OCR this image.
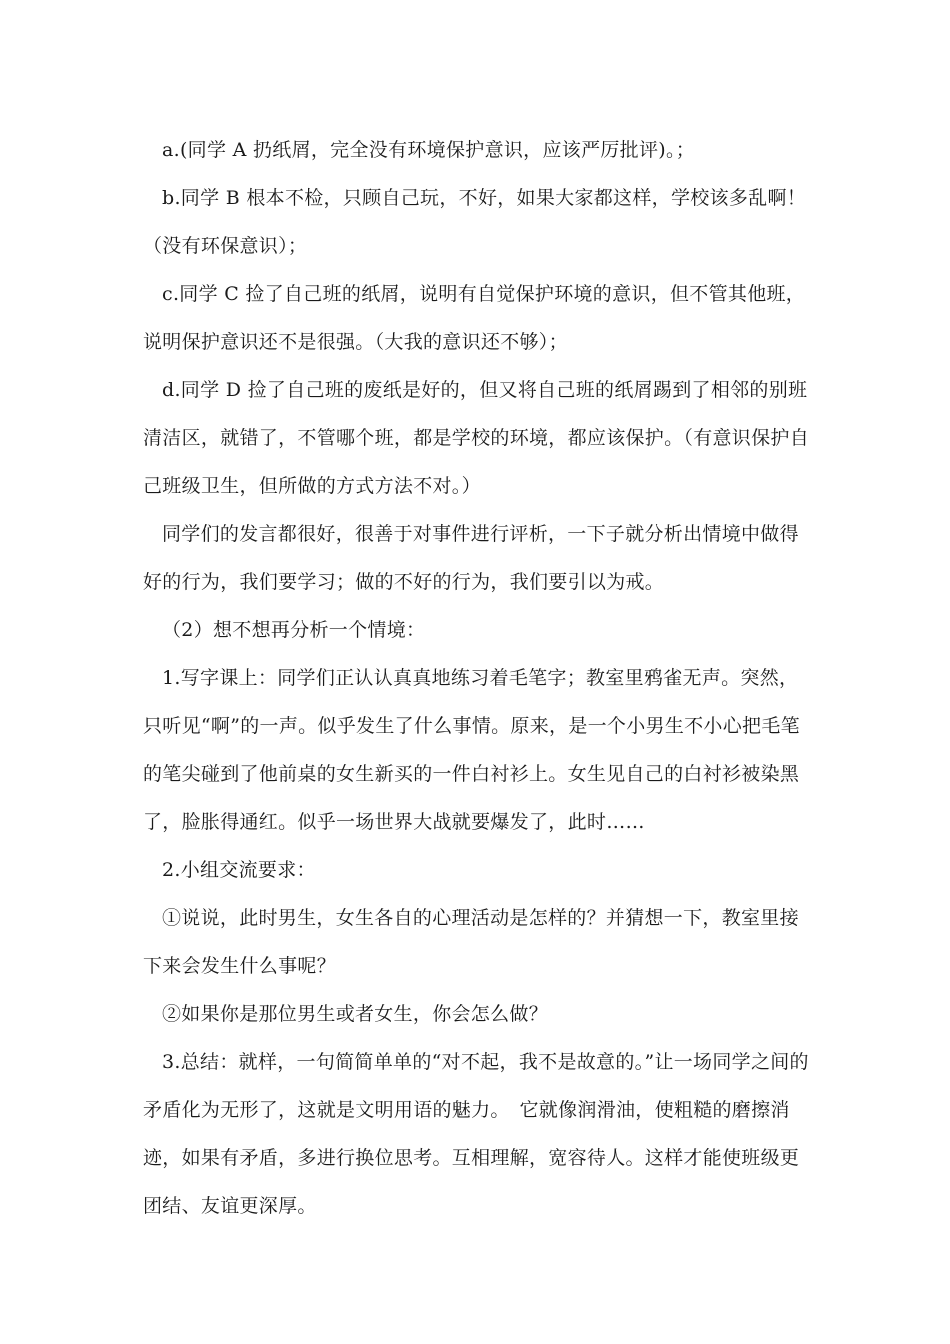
a.(同学 A 扔纸屑，完全没有环境保护意识，应该严厉批评)。；

b.同学 B 根本不检，只顾自己玩，不好，如果大家都这样，学校该多乱啊！（没有环保意识）；

c.同学 C 捡了自己班的纸屑，说明有自觉保护环境的意识，但不管其他班，说明保护意识还不是很强。（大我的意识还不够）；

d.同学 D 捡了自己班的废纸是好的，但又将自己班的纸屑踢到了相邻的别班清洁区，就错了，不管哪个班，都是学校的环境，都应该保护。（有意识保护自己班级卫生，但所做的方式方法不对。）

同学们的发言都很好，很善于对事件进行评析，一下子就分析出情境中做得好的行为，我们要学习；做的不好的行为，我们要引以为戒。

（2）想不想再分析一个情境：

1.写字课上：同学们正认认真真地练习着毛笔字；教室里鸦雀无声。突然，只听见“啊”的一声。似乎发生了什么事情。原来，是一个小男生不小心把毛笔的笔尖碰到了他前桌的女生新买的一件白衬衫上。女生见自己的白衬衫被染黑了，脸胀得通红。似乎一场世界大战就要爆发了，此时……

2.小组交流要求：

①说说，此时男生，女生各自的心理活动是怎样的？并猜想一下，教室里接下来会发生什么事呢？

②如果你是那位男生或者女生，你会怎么做？

3.总结：就样，一句简简单单的“对不起，我不是故意的。”让一场同学之间的矛盾化为无形了，这就是文明用语的魅力。　它就像润滑油，使粗糙的磨擦消迹，如果有矛盾，多进行换位思考。互相理解，宽容待人。这样才能使班级更团结、友谊更深厚。
